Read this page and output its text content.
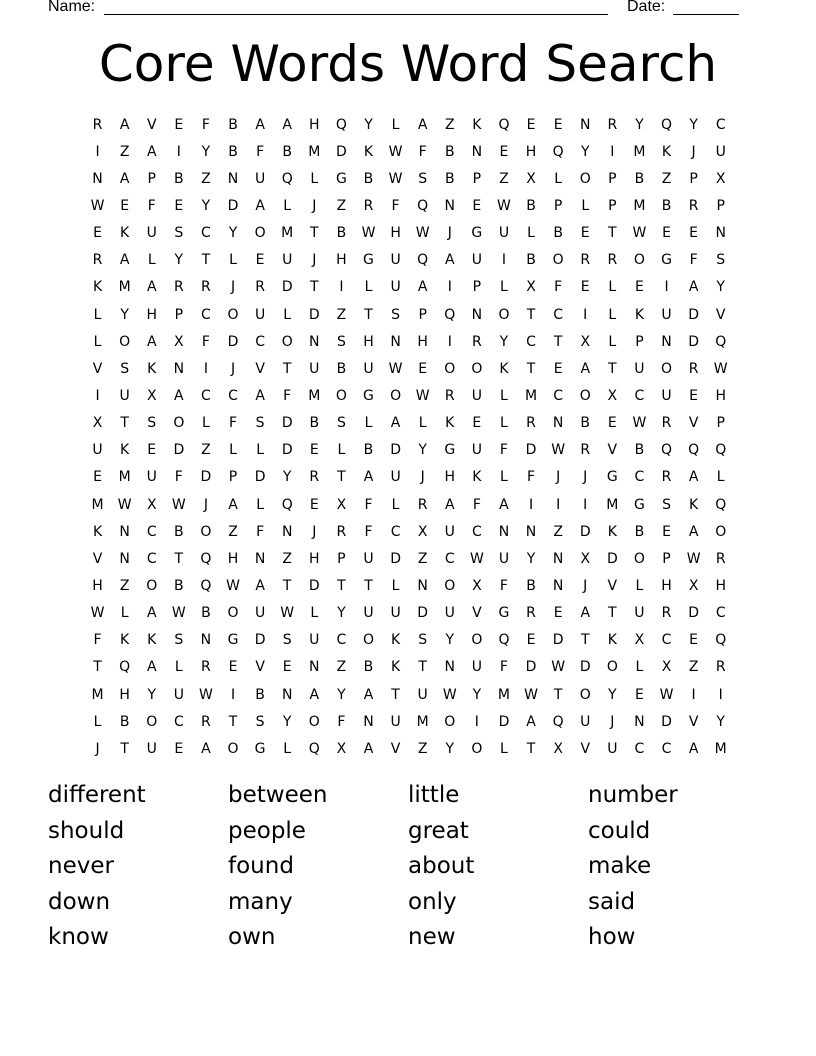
Name:	Date:
Core Words Word Search
R	A	V	E	F	B	A	A	H	Q	Y	L	A	Z	K	Q	E	E	N	R	Y	Q	Y	C
I	Z	A	I	Y	B	F	B	M	D	K	W	F	B	N	E	H	Q	Y	I	M	K	J	U
N	A	P	B	Z	N	U	Q	L	G	B	W	S	B	P	Z	X	L	O	P	B	Z	P	X
W	E	F	E	Y	D	A	L	J	Z	R	F	Q	N	E	W	B	P	L	P	M	B	R	P
E	K	U	S	C	Y	O	M	T	B	W	H	W	J	G	U	L	B	E	T	W	E	E	N
R	A	L	Y	T	L	E	U	J	H	G	U	Q	A	U	I	B	O	R	R	O	G	F	S
K	M	A	R	R	J	R	D	T	I	L	U	A	I	P	L	X	F	E	L	E	I	A	Y
L	Y	H	P	C	O	U	L	D	Z	T	S	P	Q	N	O	T	C	I	L	K	U	D	V
L	O	A	X	F	D	C	O	N	S	H	N	H	I	R	Y	C	T	X	L	P	N	D	Q
V	S	K	N	I	J	V	T	U	B	U	W	E	O	O	K	T	E	A	T	U	O	R	W
I	U	X	A	C	C	A	F	M	O	G	O	W	R	U	L	M	C	O	X	C	U	E	H
X	T	S	O	L	F	S	D	B	S	L	A	L	K	E	L	R	N	B	E	W	R	V	P
U	K	E	D	Z	L	L	D	E	L	B	D	Y	G	U	F	D	W	R	V	B	Q	Q	Q
E	M	U	F	D	P	D	Y	R	T	A	U	J	H	K	L	F	J	J	G	C	R	A	L
M	W	X	W	J	A	L	Q	E	X	F	L	R	A	F	A	I	I	I	M	G	S	K	Q
K	N	C	B	O	Z	F	N	J	R	F	C	X	U	C	N	N	Z	D	K	B	E	A	O
V	N	C	T	Q	H	N	Z	H	P	U	D	Z	C	W	U	Y	N	X	D	O	P	W	R
H	Z	O	B	Q	W	A	T	D	T	T	L	N	O	X	F	B	N	J	V	L	H	X	H
W	L	A	W	B	O	U	W	L	Y	U	U	D	U	V	G	R	E	A	T	U	R	D	C
F	K	K	S	N	G	D	S	U	C	O	K	S	Y	O	Q	E	D	T	K	X	C	E	Q
T	Q	A	L	R	E	V	E	N	Z	B	K	T	N	U	F	D	W	D	O	L	X	Z	R
M	H	Y	U	W	I	B	N	A	Y	A	T	U	W	Y	M	W	T	O	Y	E	W	I	I
L	B	O	C	R	T	S	Y	O	F	N	U	M	O	I	D	A	Q	U	J	N	D	V	Y
J	T	U	E	A	O	G	L	Q	X	A	V	Z	Y	O	L	T	X	V	U	C	C	A	M
different	between	little	number
should	people	great	could
never	found	about	make
down	many	only	said
know	own	new	how
